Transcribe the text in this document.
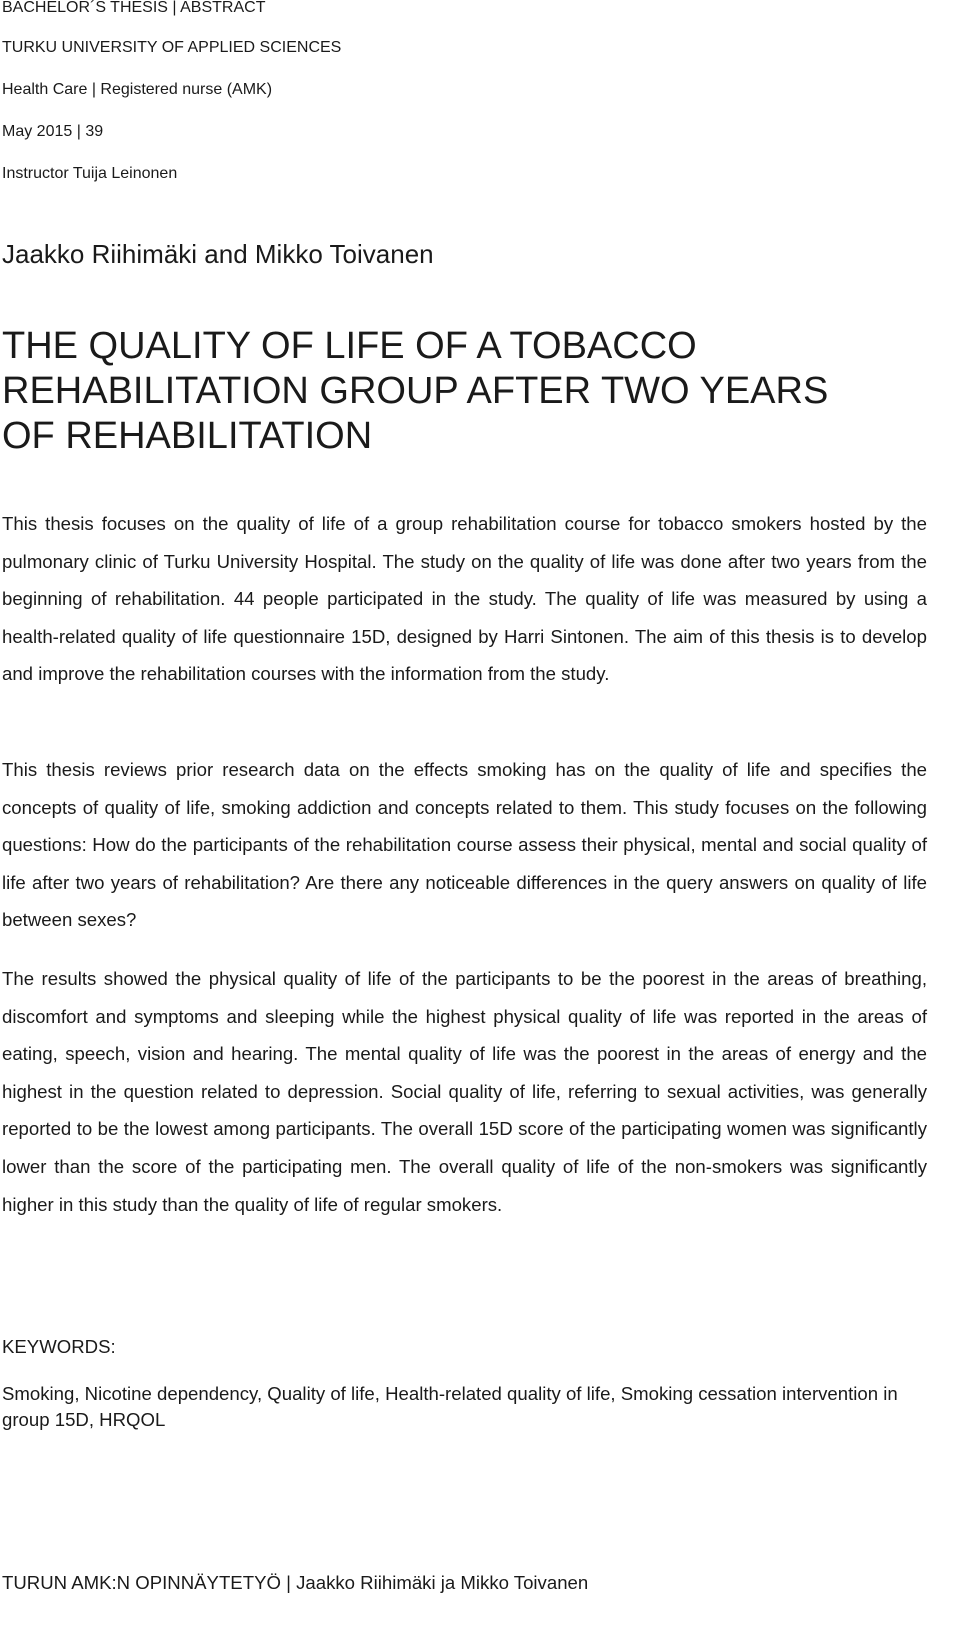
BACHELOR´S THESIS | ABSTRACT
TURKU UNIVERSITY OF APPLIED SCIENCES
Health Care | Registered nurse (AMK)
May 2015 | 39
Instructor Tuija Leinonen
Jaakko Riihimäki and Mikko Toivanen
THE QUALITY OF LIFE OF A TOBACCO
REHABILITATION GROUP AFTER TWO YEARS
OF REHABILITATION

This thesis focuses on the quality of life of a group rehabilitation course for tobacco smokers hosted by the pulmonary clinic of Turku University Hospital. The study on the quality of life was done after two years from the beginning of rehabilitation. 44 people participated in the study. The quality of life was measured by using a health-related quality of life questionnaire 15D, designed by Harri Sintonen. The aim of this thesis is to develop and improve the rehabilitation courses with the information from the study.

This thesis reviews prior research data on the effects smoking has on the quality of life and specifies the concepts of quality of life, smoking addiction and concepts related to them. This study focuses on the following questions: How do the participants of the rehabilitation course assess their physical, mental and social quality of life after two years of rehabilitation? Are there any noticeable differences in the query answers on quality of life between sexes?

The results showed the physical quality of life of the participants to be the poorest in the areas of breathing, discomfort and symptoms and sleeping while the highest physical quality of life was reported in the areas of eating, speech, vision and hearing. The mental quality of life was the poorest in the areas of energy and the highest in the question related to depression. Social quality of life, referring to sexual activities, was generally reported to be the lowest among participants. The overall 15D score of the participating women was significantly lower than the score of the participating men. The overall quality of life of the non-smokers was significantly higher in this study than the quality of life of regular smokers.

KEYWORDS:

Smoking, Nicotine dependency, Quality of life, Health-related quality of life, Smoking cessation intervention in group 15D, HRQOL

TURUN AMK:N OPINNÄYTETYÖ | Jaakko Riihimäki ja Mikko Toivanen
